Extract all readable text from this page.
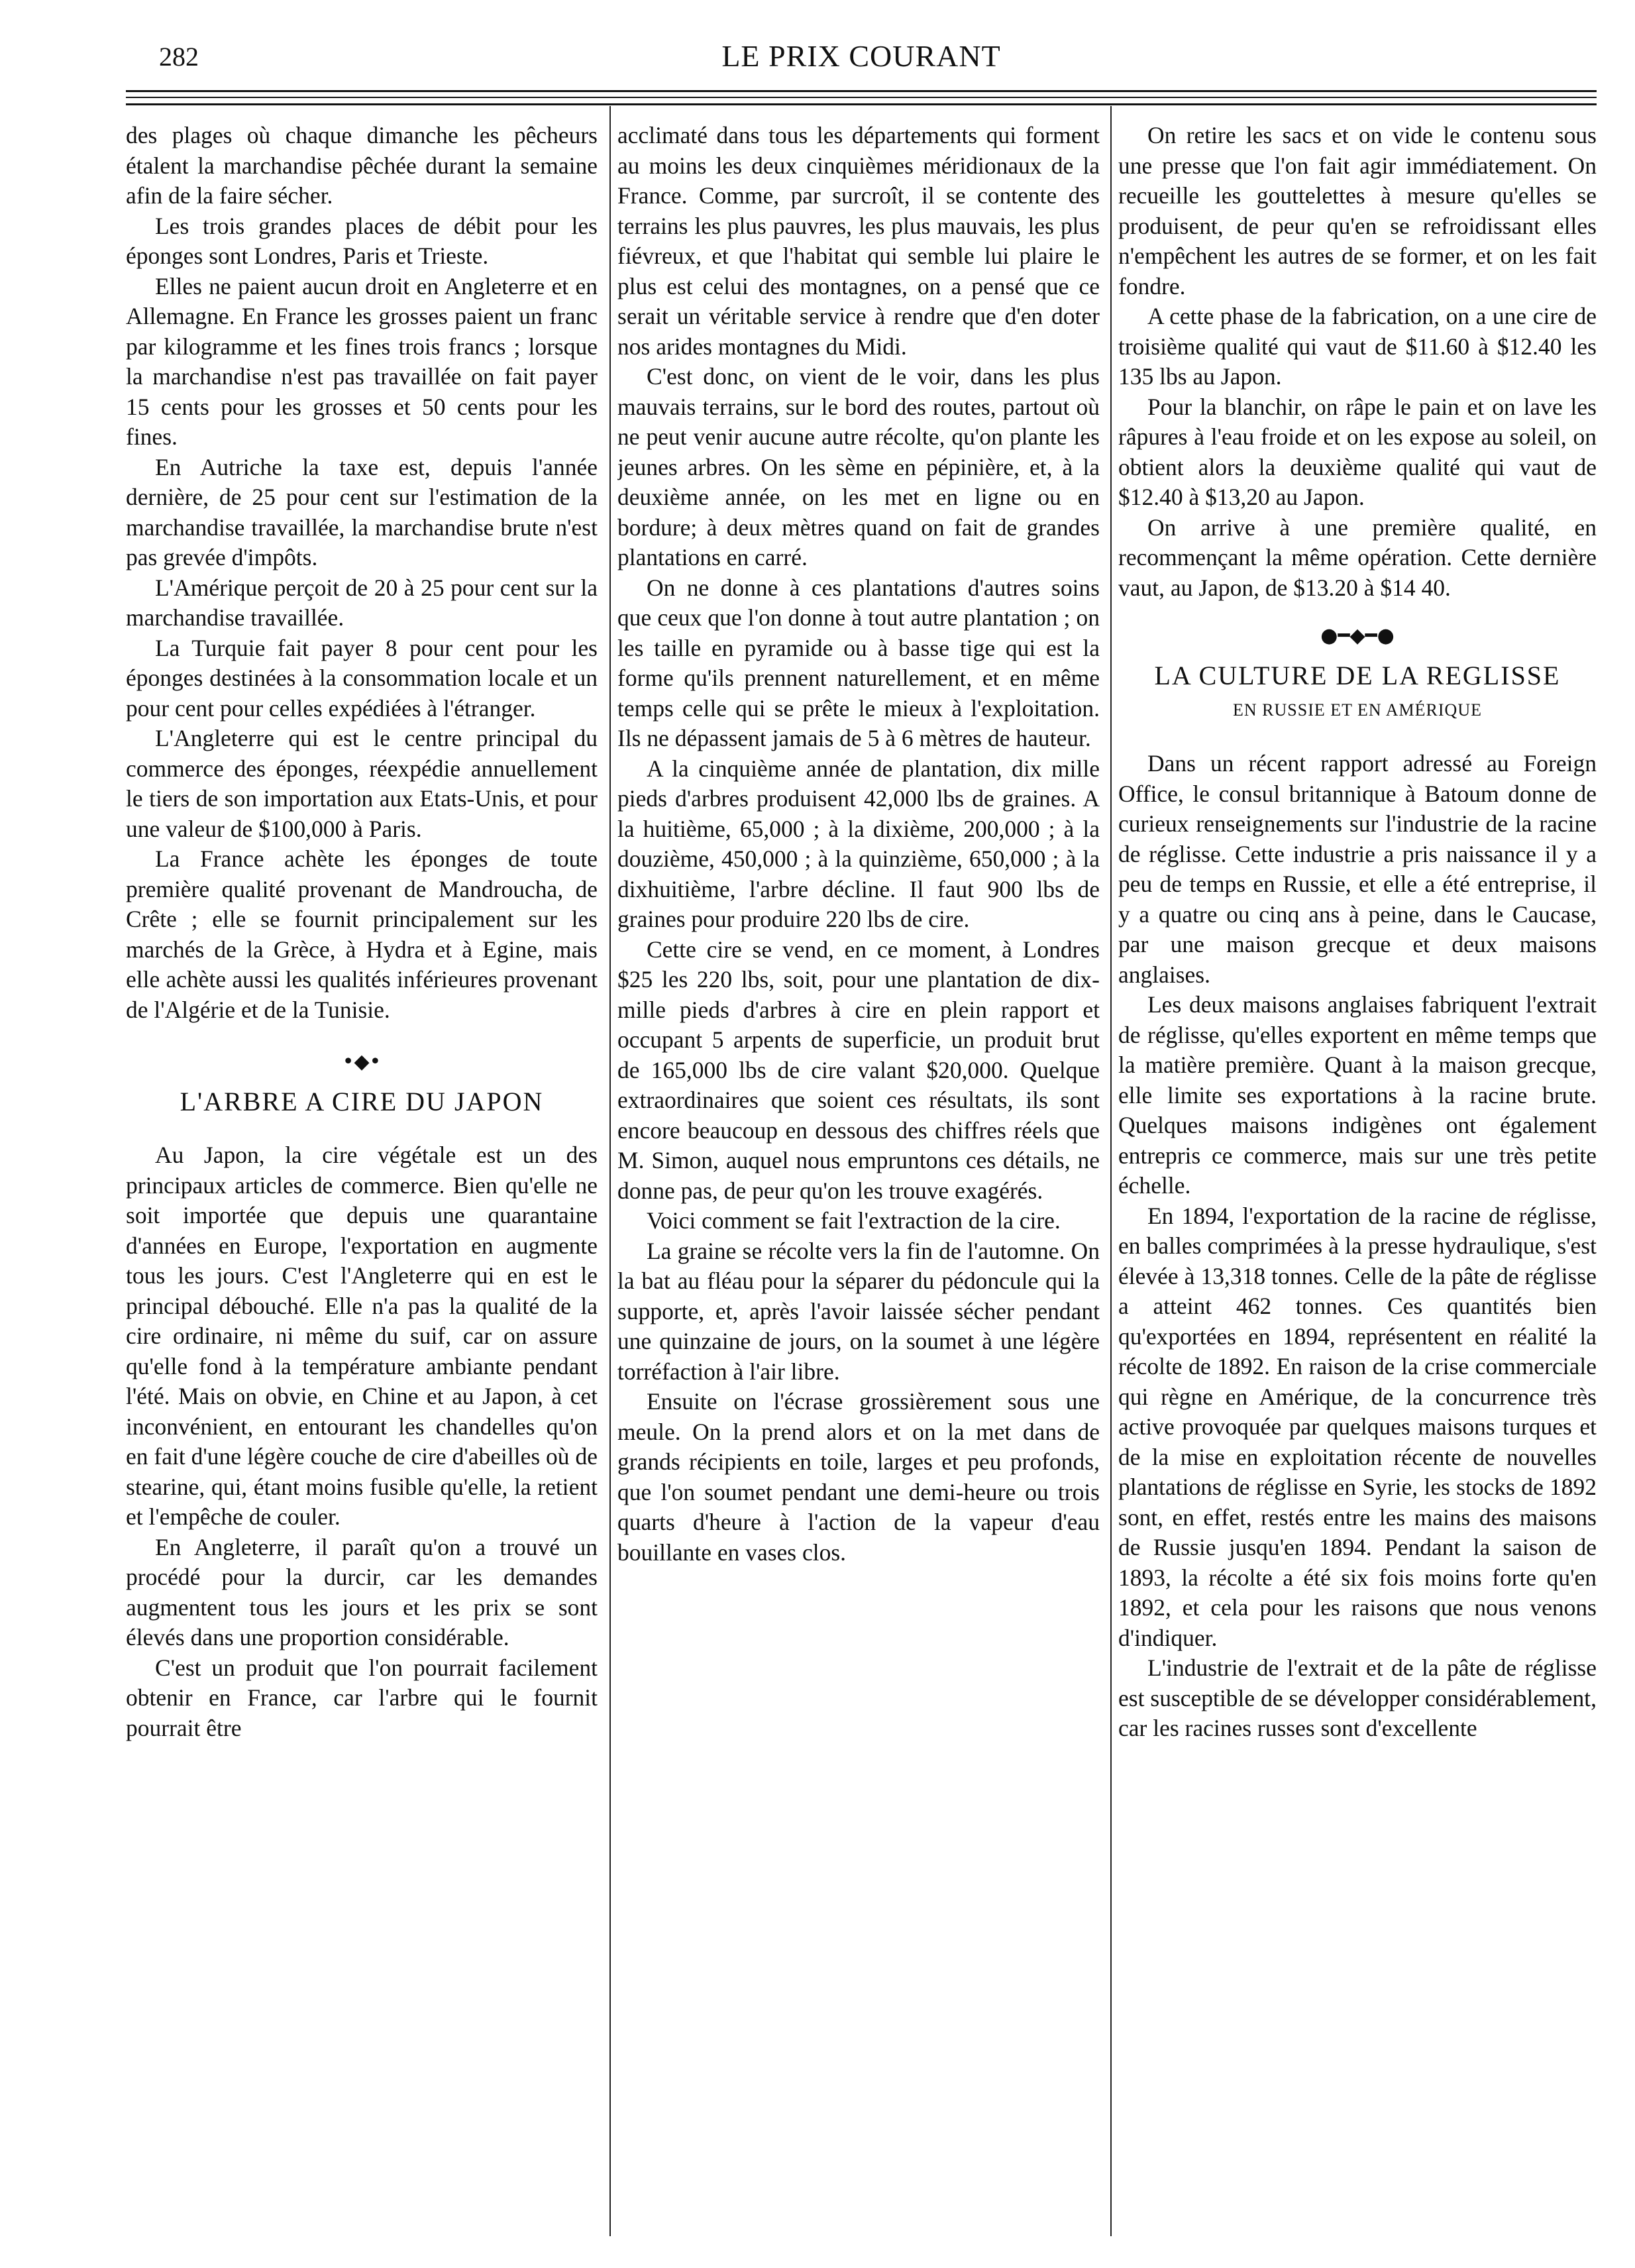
282	LE PRIX COURANT

des plages où chaque dimanche les pêcheurs étalent la marchandise pêchée durant la semaine afin de la faire sécher.

Les trois grandes places de débit pour les éponges sont Londres, Paris et Trieste.

Elles ne paient aucun droit en Angleterre et en Allemagne. En France les grosses paient un franc par kilogramme et les fines trois francs ; lorsque la marchandise n'est pas travaillée on fait payer 15 cents pour les grosses et 50 cents pour les fines.

En Autriche la taxe est, depuis l'année dernière, de 25 pour cent sur l'estimation de la marchandise travaillée, la marchandise brute n'est pas grevée d'impôts.

L'Amérique perçoit de 20 à 25 pour cent sur la marchandise travaillée.

La Turquie fait payer 8 pour cent pour les éponges destinées à la consommation locale et un pour cent pour celles expédiées à l'étranger.

L'Angleterre qui est le centre principal du commerce des éponges, réexpédie annuellement le tiers de son importation aux Etats-Unis, et pour une valeur de $100,000 à Paris.

La France achète les éponges de toute première qualité provenant de Mandroucha, de Crête ; elle se fournit principalement sur les marchés de la Grèce, à Hydra et à Egine, mais elle achète aussi les qualités inférieures provenant de l'Algérie et de la Tunisie.

•◆•
L'ARBRE A CIRE DU JAPON

Au Japon, la cire végétale est un des principaux articles de commerce. Bien qu'elle ne soit importée que depuis une quarantaine d'années en Europe, l'exportation en augmente tous les jours. C'est l'Angleterre qui en est le principal débouché. Elle n'a pas la qualité de la cire ordinaire, ni même du suif, car on assure qu'elle fond à la température ambiante pendant l'été. Mais on obvie, en Chine et au Japon, à cet inconvénient, en entourant les chandelles qu'on en fait d'une légère couche de cire d'abeilles où de stearine, qui, étant moins fusible qu'elle, la retient et l'empêche de couler.

En Angleterre, il paraît qu'on a trouvé un procédé pour la durcir, car les demandes augmentent tous les jours et les prix se sont élevés dans une proportion considérable.

C'est un produit que l'on pourrait facilement obtenir en France, car l'arbre qui le fournit pourrait être

acclimaté dans tous les départements qui forment au moins les deux cinquièmes méridionaux de la France. Comme, par surcroît, il se contente des terrains les plus pauvres, les plus mauvais, les plus fiévreux, et que l'habitat qui semble lui plaire le plus est celui des montagnes, on a pensé que ce serait un véritable service à rendre que d'en doter nos arides montagnes du Midi.

C'est donc, on vient de le voir, dans les plus mauvais terrains, sur le bord des routes, partout où ne peut venir aucune autre récolte, qu'on plante les jeunes arbres. On les sème en pépinière, et, à la deuxième année, on les met en ligne ou en bordure; à deux mètres quand on fait de grandes plantations en carré.

On ne donne à ces plantations d'autres soins que ceux que l'on donne à tout autre plantation ; on les taille en pyramide ou à basse tige qui est la forme qu'ils prennent naturellement, et en même temps celle qui se prête le mieux à l'exploitation. Ils ne dépassent jamais de 5 à 6 mètres de hauteur.

A la cinquième année de plantation, dix mille pieds d'arbres produisent 42,000 lbs de graines. A la huitième, 65,000 ; à la dixième, 200,000 ; à la douzième, 450,000 ; à la quinzième, 650,000 ; à la dixhuitième, l'arbre décline. Il faut 900 lbs de graines pour produire 220 lbs de cire.

Cette cire se vend, en ce moment, à Londres $25 les 220 lbs, soit, pour une plantation de dix-mille pieds d'arbres à cire en plein rapport et occupant 5 arpents de superficie, un produit brut de 165,000 lbs de cire valant $20,000. Quelque extraordinaires que soient ces résultats, ils sont encore beaucoup en dessous des chiffres réels que M. Simon, auquel nous empruntons ces détails, ne donne pas, de peur qu'on les trouve exagérés.

Voici comment se fait l'extraction de la cire.

La graine se récolte vers la fin de l'automne. On la bat au fléau pour la séparer du pédoncule qui la supporte, et, après l'avoir laissée sécher pendant une quinzaine de jours, on la soumet à une légère torréfaction à l'air libre.

Ensuite on l'écrase grossièrement sous une meule. On la prend alors et on la met dans de grands récipients en toile, larges et peu profonds, que l'on soumet pendant une demi-heure ou trois quarts d'heure à l'action de la vapeur d'eau bouillante en vases clos.

On retire les sacs et on vide le contenu sous une presse que l'on fait agir immédiatement. On recueille les gouttelettes à mesure qu'elles se produisent, de peur qu'en se refroidissant elles n'empêchent les autres de se former, et on les fait fondre.

A cette phase de la fabrication, on a une cire de troisième qualité qui vaut de $11.60 à $12.40 les 135 lbs au Japon.

Pour la blanchir, on râpe le pain et on lave les râpures à l'eau froide et on les expose au soleil, on obtient alors la deuxième qualité qui vaut de $12.40 à $13,20 au Japon.

On arrive à une première qualité, en recommençant la même opération. Cette dernière vaut, au Japon, de $13.20 à $14 40.

●━◆━●
LA CULTURE DE LA REGLISSE
EN RUSSIE ET EN AMÉRIQUE

Dans un récent rapport adressé au Foreign Office, le consul britannique à Batoum donne de curieux renseignements sur l'industrie de la racine de réglisse. Cette industrie a pris naissance il y a peu de temps en Russie, et elle a été entreprise, il y a quatre ou cinq ans à peine, dans le Caucase, par une maison grecque et deux maisons anglaises.

Les deux maisons anglaises fabriquent l'extrait de réglisse, qu'elles exportent en même temps que la matière première. Quant à la maison grecque, elle limite ses exportations à la racine brute. Quelques maisons indigènes ont également entrepris ce commerce, mais sur une très petite échelle.

En 1894, l'exportation de la racine de réglisse, en balles comprimées à la presse hydraulique, s'est élevée à 13,318 tonnes. Celle de la pâte de réglisse a atteint 462 tonnes. Ces quantités bien qu'exportées en 1894, représentent en réalité la récolte de 1892. En raison de la crise commerciale qui règne en Amérique, de la concurrence très active provoquée par quelques maisons turques et de la mise en exploitation récente de nouvelles plantations de réglisse en Syrie, les stocks de 1892 sont, en effet, restés entre les mains des maisons de Russie jusqu'en 1894. Pendant la saison de 1893, la récolte a été six fois moins forte qu'en 1892, et cela pour les raisons que nous venons d'indiquer.

L'industrie de l'extrait et de la pâte de réglisse est susceptible de se développer considérablement, car les racines russes sont d'excellente
